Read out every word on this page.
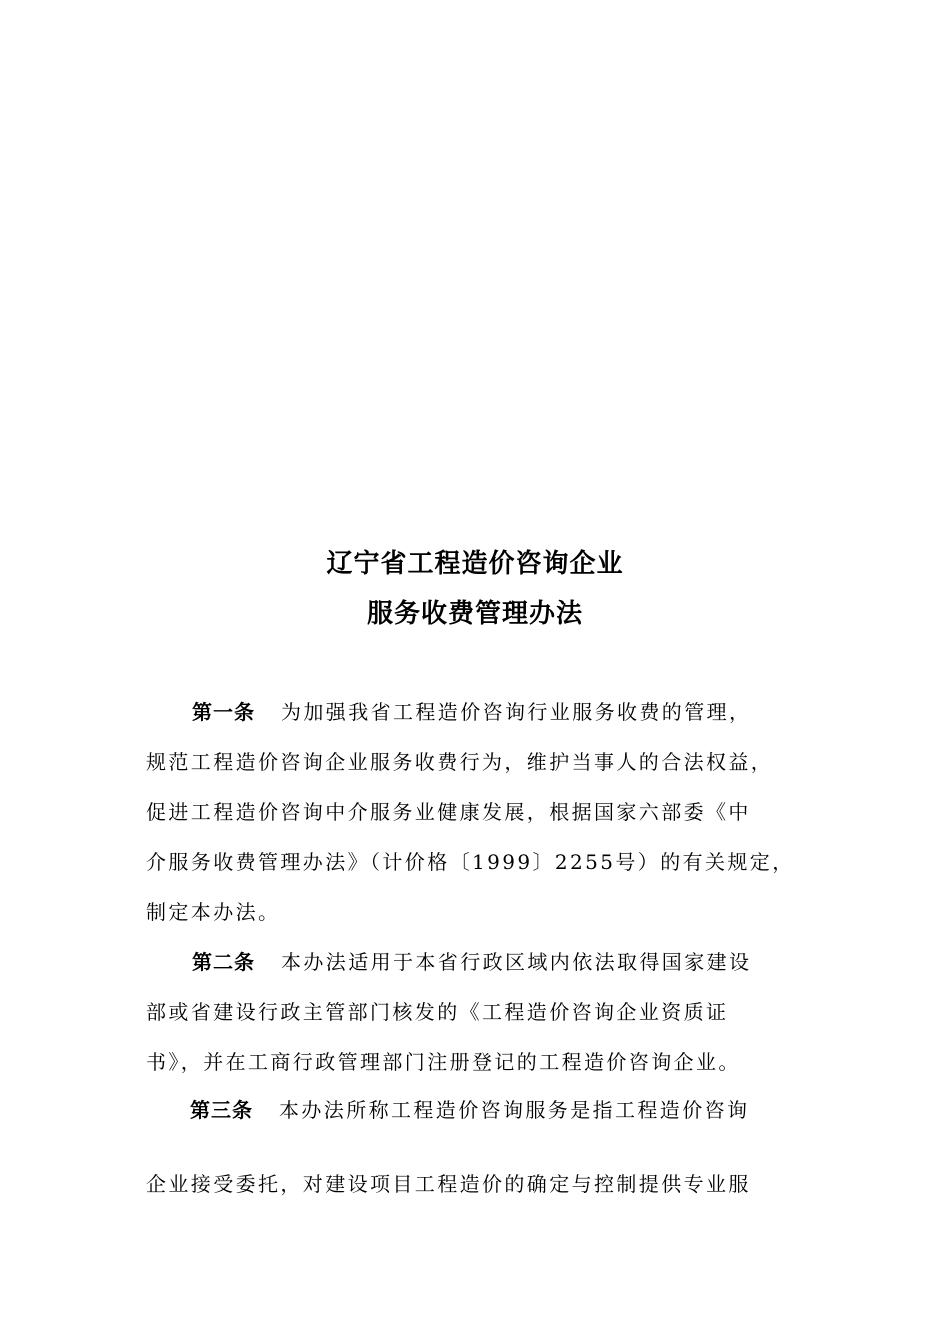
辽宁省工程造价咨询企业
服务收费管理办法
第一条 为加强我省工程造价咨询行业服务收费的管理，
规范工程造价咨询企业服务收费行为，维护当事人的合法权益，
促进工程造价咨询中介服务业健康发展，根据国家六部委《中
介服务收费管理办法》（计价格〔1999〕2255号）的有关规定，
制定本办法。
第二条 本办法适用于本省行政区域内依法取得国家建设
部或省建设行政主管部门核发的《工程造价咨询企业资质证
书》，并在工商行政管理部门注册登记的工程造价咨询企业。
第三条 本办法所称工程造价咨询服务是指工程造价咨询
企业接受委托，对建设项目工程造价的确定与控制提供专业服
